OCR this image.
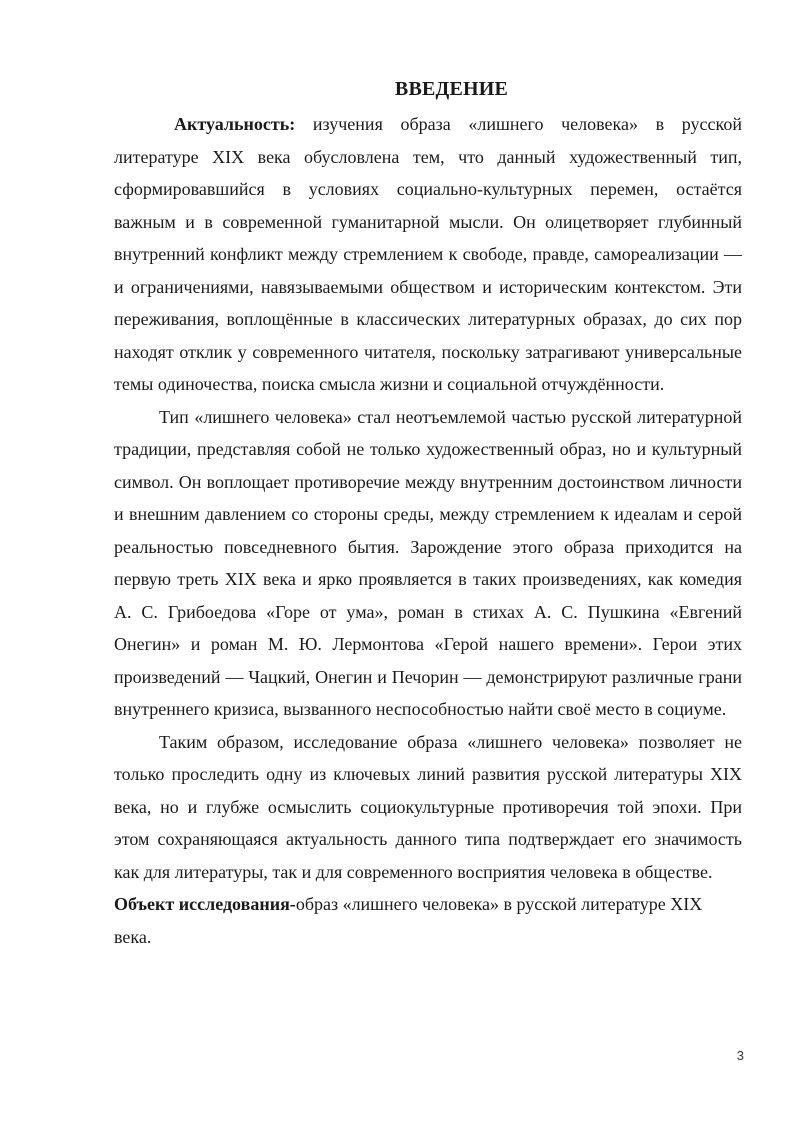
ВВЕДЕНИЕ

Актуальность: изучения образа «лишнего человека» в русской литературе XIX века обусловлена тем, что данный художественный тип, сформировавшийся в условиях социально-культурных перемен, остаётся важным и в современной гуманитарной мысли. Он олицетворяет глубинный внутренний конфликт между стремлением к свободе, правде, самореализации — и ограничениями, навязываемыми обществом и историческим контекстом. Эти переживания, воплощённые в классических литературных образах, до сих пор находят отклик у современного читателя, поскольку затрагивают универсальные темы одиночества, поиска смысла жизни и социальной отчуждённости.

Тип «лишнего человека» стал неотъемлемой частью русской литературной традиции, представляя собой не только художественный образ, но и культурный символ. Он воплощает противоречие между внутренним достоинством личности и внешним давлением со стороны среды, между стремлением к идеалам и серой реальностью повседневного бытия. Зарождение этого образа приходится на первую треть XIX века и ярко проявляется в таких произведениях, как комедия А. С. Грибоедова «Горе от ума», роман в стихах А. С. Пушкина «Евгений Онегин» и роман М. Ю. Лермонтова «Герой нашего времени». Герои этих произведений — Чацкий, Онегин и Печорин — демонстрируют различные грани внутреннего кризиса, вызванного неспособностью найти своё место в социуме.

Таким образом, исследование образа «лишнего человека» позволяет не только проследить одну из ключевых линий развития русской литературы XIX века, но и глубже осмыслить социокультурные противоречия той эпохи. При этом сохраняющаяся актуальность данного типа подтверждает его значимость как для литературы, так и для современного восприятия человека в обществе.

Объект исследования-образ «лишнего человека» в русской литературе XIX века.

3
